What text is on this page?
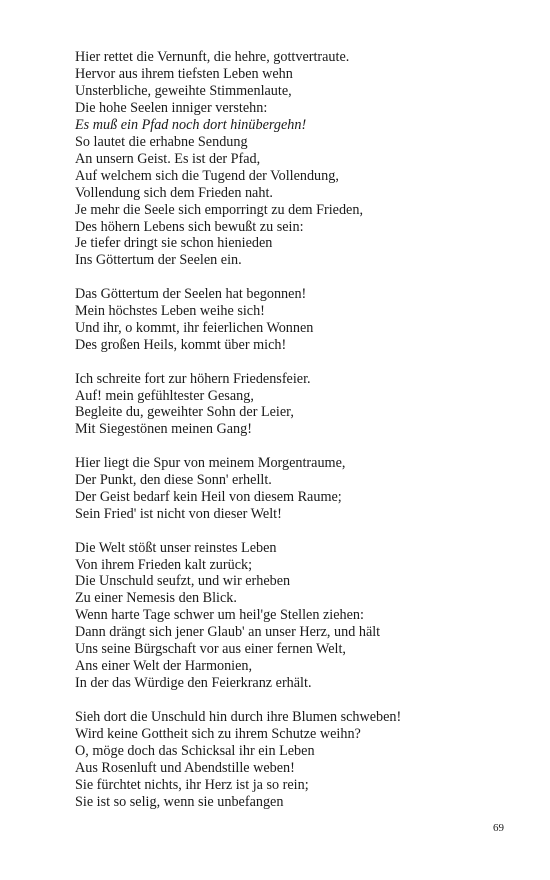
Hier rettet die Vernunft, die hehre, gottvertraute.
Hervor aus ihrem tiefsten Leben wehn
Unsterbliche, geweihte Stimmenlaute,
Die hohe Seelen inniger verstehn:
Es muß ein Pfad noch dort hinübergehn!
So lautet die erhabne Sendung
An unsern Geist. Es ist der Pfad,
Auf welchem sich die Tugend der Vollendung,
Vollendung sich dem Frieden naht.
Je mehr die Seele sich emporringt zu dem Frieden,
Des höhern Lebens sich bewußt zu sein:
Je tiefer dringt sie schon hienieden
Ins Göttertum der Seelen ein.
Das Göttertum der Seelen hat begonnen!
Mein höchstes Leben weihe sich!
Und ihr, o kommt, ihr feierlichen Wonnen
Des großen Heils, kommt über mich!
Ich schreite fort zur höhern Friedensfeier.
Auf! mein gefühltester Gesang,
Begleite du, geweihter Sohn der Leier,
Mit Siegestönen meinen Gang!
Hier liegt die Spur von meinem Morgentraume,
Der Punkt, den diese Sonn' erhellt.
Der Geist bedarf kein Heil von diesem Raume;
Sein Fried' ist nicht von dieser Welt!
Die Welt stößt unser reinstes Leben
Von ihrem Frieden kalt zurück;
Die Unschuld seufzt, und wir erheben
Zu einer Nemesis den Blick.
Wenn harte Tage schwer um heil'ge Stellen ziehen:
Dann drängt sich jener Glaub' an unser Herz, und hält
Uns seine Bürgschaft vor aus einer fernen Welt,
Ans einer Welt der Harmonien,
In der das Würdige den Feierkranz erhält.
Sieh dort die Unschuld hin durch ihre Blumen schweben!
Wird keine Gottheit sich zu ihrem Schutze weihn?
O, möge doch das Schicksal ihr ein Leben
Aus Rosenluft und Abendstille weben!
Sie fürchtet nichts, ihr Herz ist ja so rein;
Sie ist so selig, wenn sie unbefangen
69
